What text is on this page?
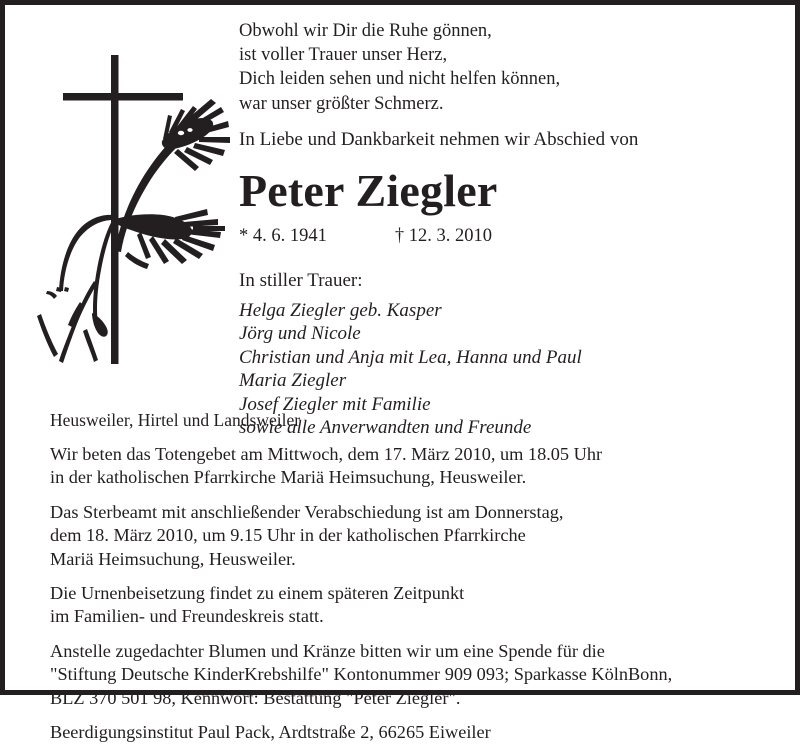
Obwohl wir Dir die Ruhe gönnen,
ist voller Trauer unser Herz,
Dich leiden sehen und nicht helfen können,
war unser größter Schmerz.
In Liebe und Dankbarkeit nehmen wir Abschied von
Peter Ziegler
* 4. 6. 1941	† 12. 3. 2010
In stiller Trauer:
Helga Ziegler geb. Kasper
Jörg und Nicole
Christian und Anja mit Lea, Hanna und Paul
Maria Ziegler
Josef Ziegler mit Familie
sowie alle Anverwandten und Freunde
Heusweiler, Hirtel und Landsweiler
Wir beten das Totengebet am Mittwoch, dem 17. März 2010, um 18.05 Uhr
in der katholischen Pfarrkirche Mariä Heimsuchung, Heusweiler.
Das Sterbeamt mit anschließender Verabschiedung ist am Donnerstag,
dem 18. März 2010, um 9.15 Uhr in der katholischen Pfarrkirche
Mariä Heimsuchung, Heusweiler.
Die Urnenbeisetzung findet zu einem späteren Zeitpunkt
im Familien- und Freundeskreis statt.
Anstelle zugedachter Blumen und Kränze bitten wir um eine Spende für die
"Stiftung Deutsche KinderKrebshilfe" Kontonummer 909 093; Sparkasse KölnBonn,
BLZ 370 501 98, Kennwort: Bestattung "Peter Ziegler".
Beerdigungsinstitut Paul Pack, Ardtstraße 2, 66265 Eiweiler
